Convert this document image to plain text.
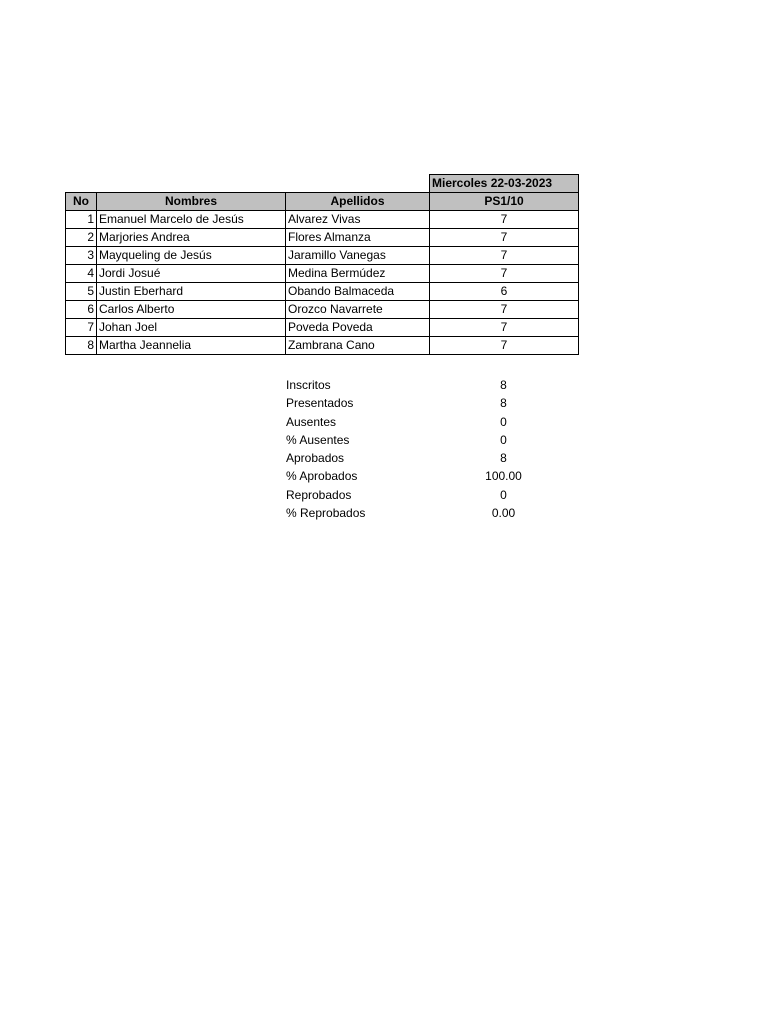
			Miercoles 22-03-2023
No	Nombres	Apellidos	PS1/10
1	Emanuel Marcelo de Jesús	Alvarez Vivas	7
2	Marjories Andrea	Flores Almanza	7
3	Mayqueling de Jesús	Jaramillo Vanegas	7
4	Jordi Josué	Medina Bermúdez	7
5	Justin Eberhard	Obando Balmaceda	6
6	Carlos Alberto	Orozco Navarrete	7
7	Johan Joel	Poveda Poveda	7
8	Martha Jeannelia	Zambrana Cano	7
Inscritos	8
Presentados	8
Ausentes	0
% Ausentes	0
Aprobados	8
% Aprobados	100.00
Reprobados	0
% Reprobados	0.00
